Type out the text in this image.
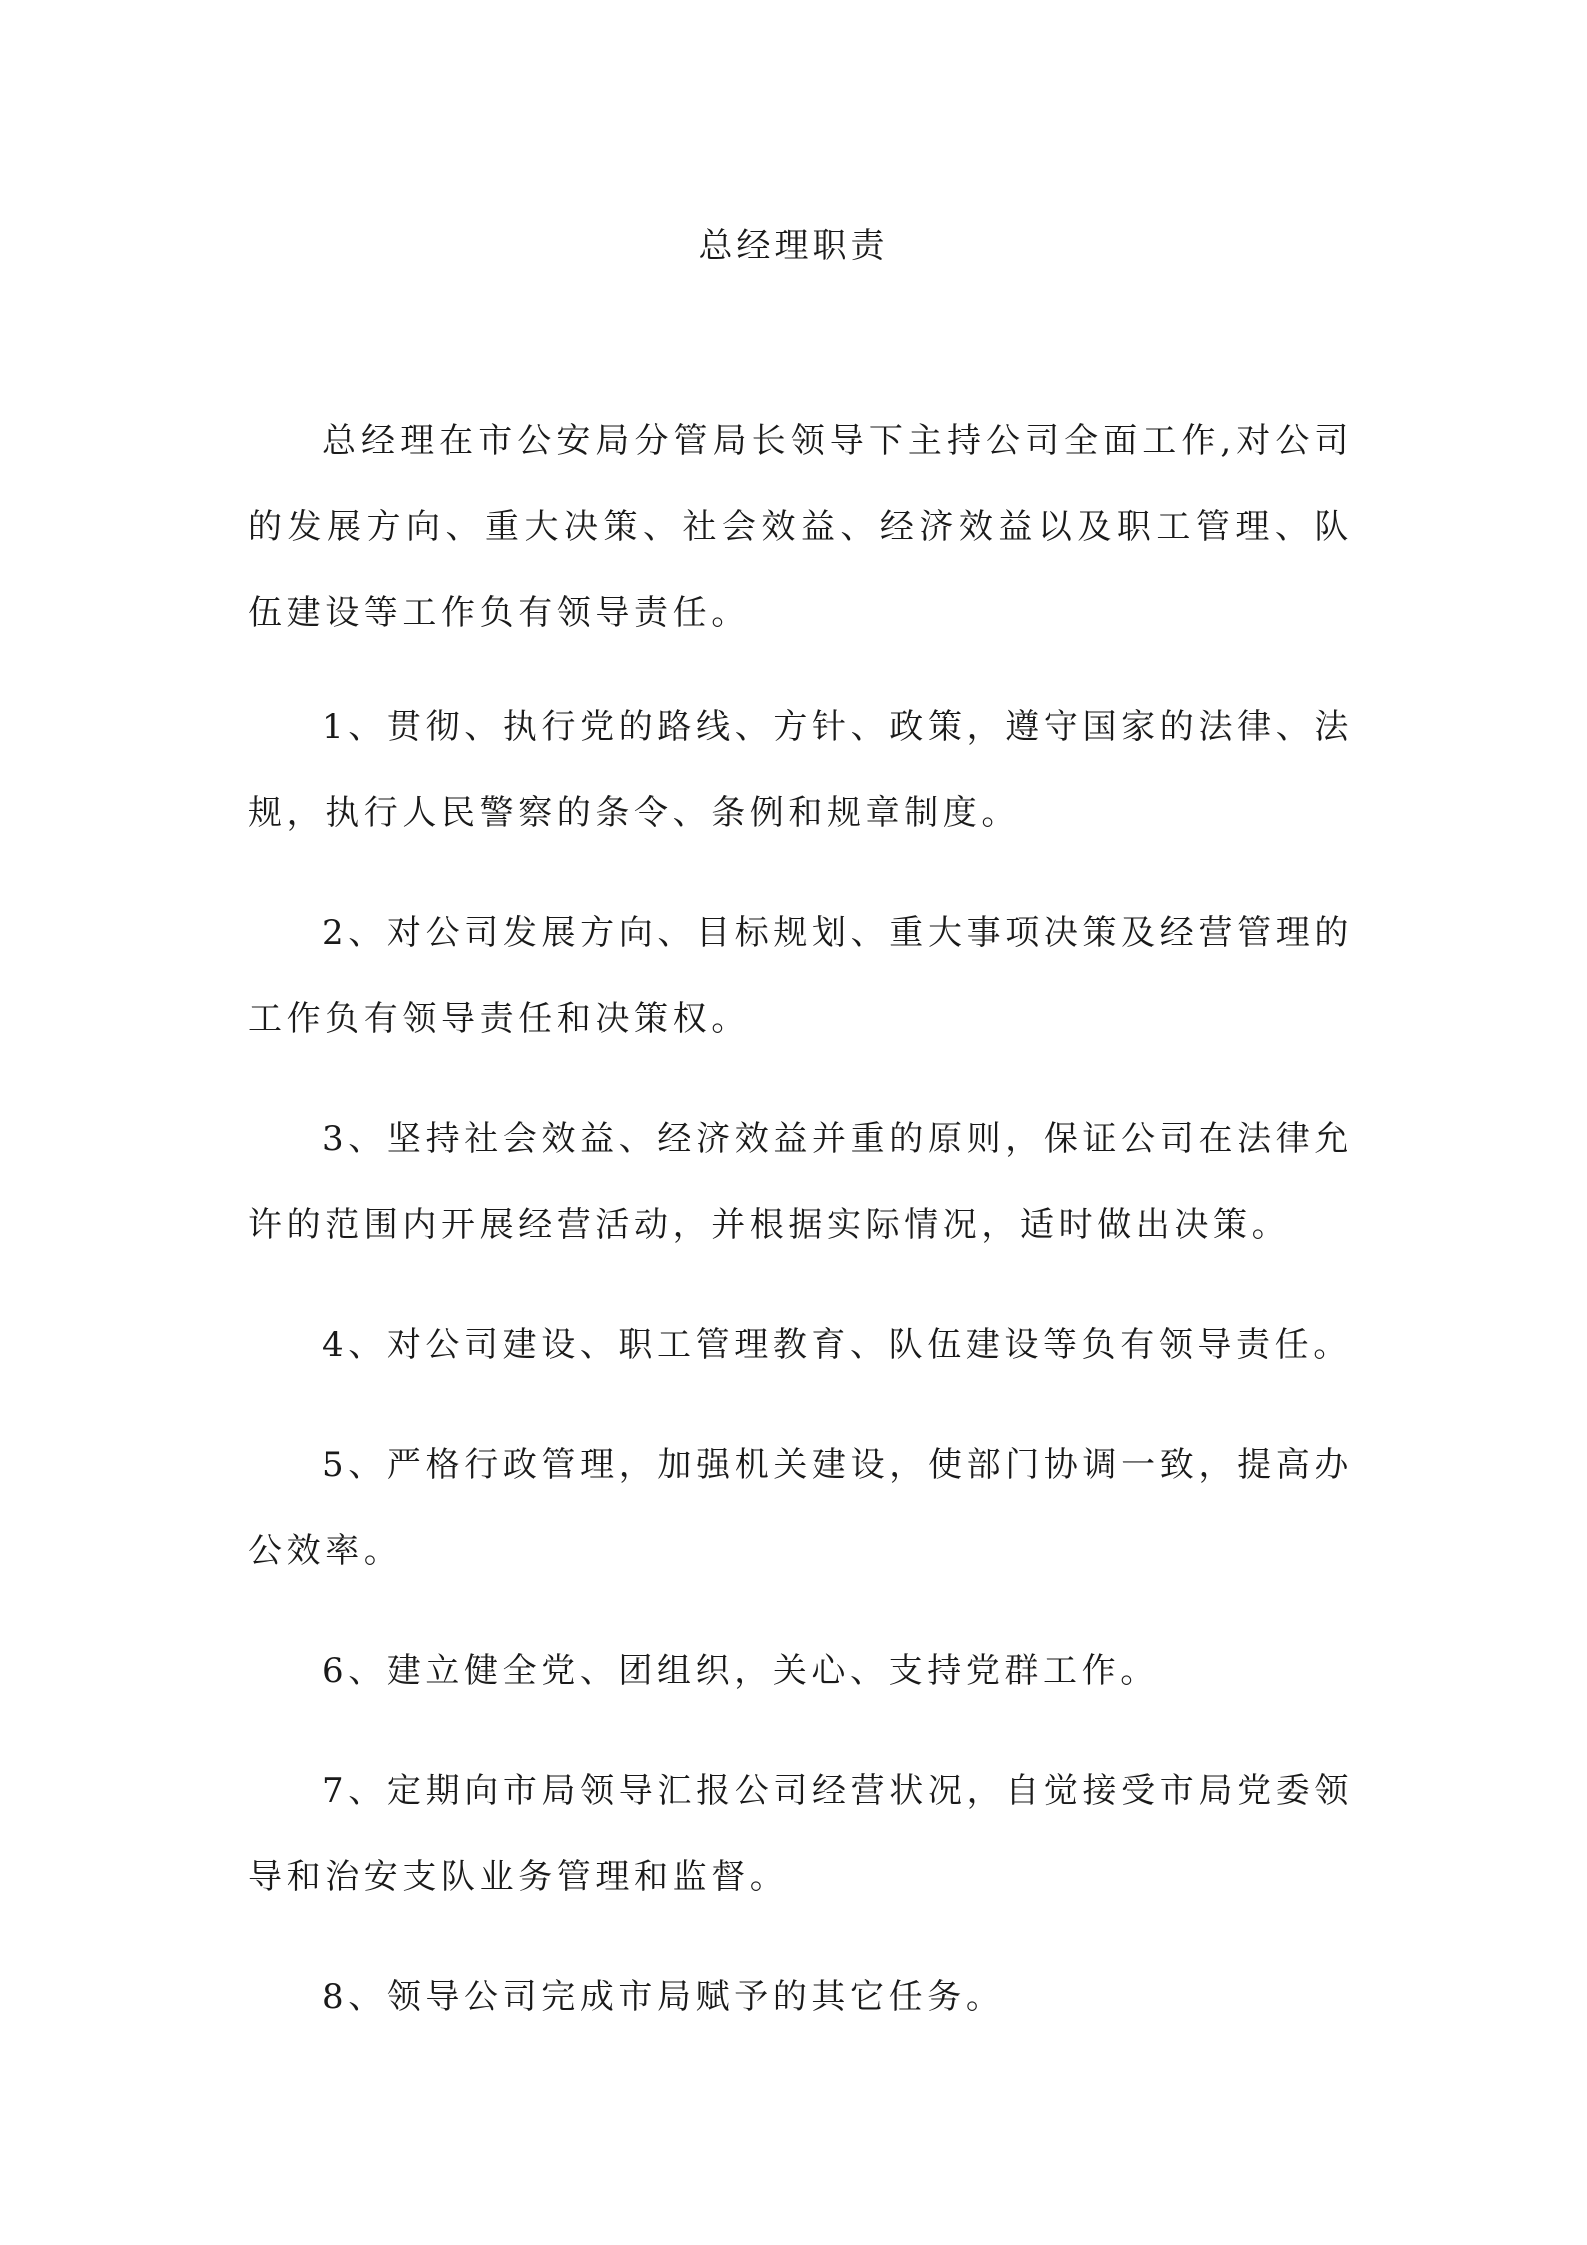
总经理职责

总经理在市公安局分管局长领导下主持公司全面工作,对公司的发展方向、重大决策、社会效益、经济效益以及职工管理、队伍建设等工作负有领导责任。

1、贯彻、执行党的路线、方针、政策，遵守国家的法律、法规，执行人民警察的条令、条例和规章制度。

2、对公司发展方向、目标规划、重大事项决策及经营管理的工作负有领导责任和决策权。

3、坚持社会效益、经济效益并重的原则，保证公司在法律允许的范围内开展经营活动，并根据实际情况，适时做出决策。

4、对公司建设、职工管理教育、队伍建设等负有领导责任。

5、严格行政管理，加强机关建设，使部门协调一致，提高办公效率。

6、建立健全党、团组织，关心、支持党群工作。

7、定期向市局领导汇报公司经营状况，自觉接受市局党委领导和治安支队业务管理和监督。

8、领导公司完成市局赋予的其它任务。
